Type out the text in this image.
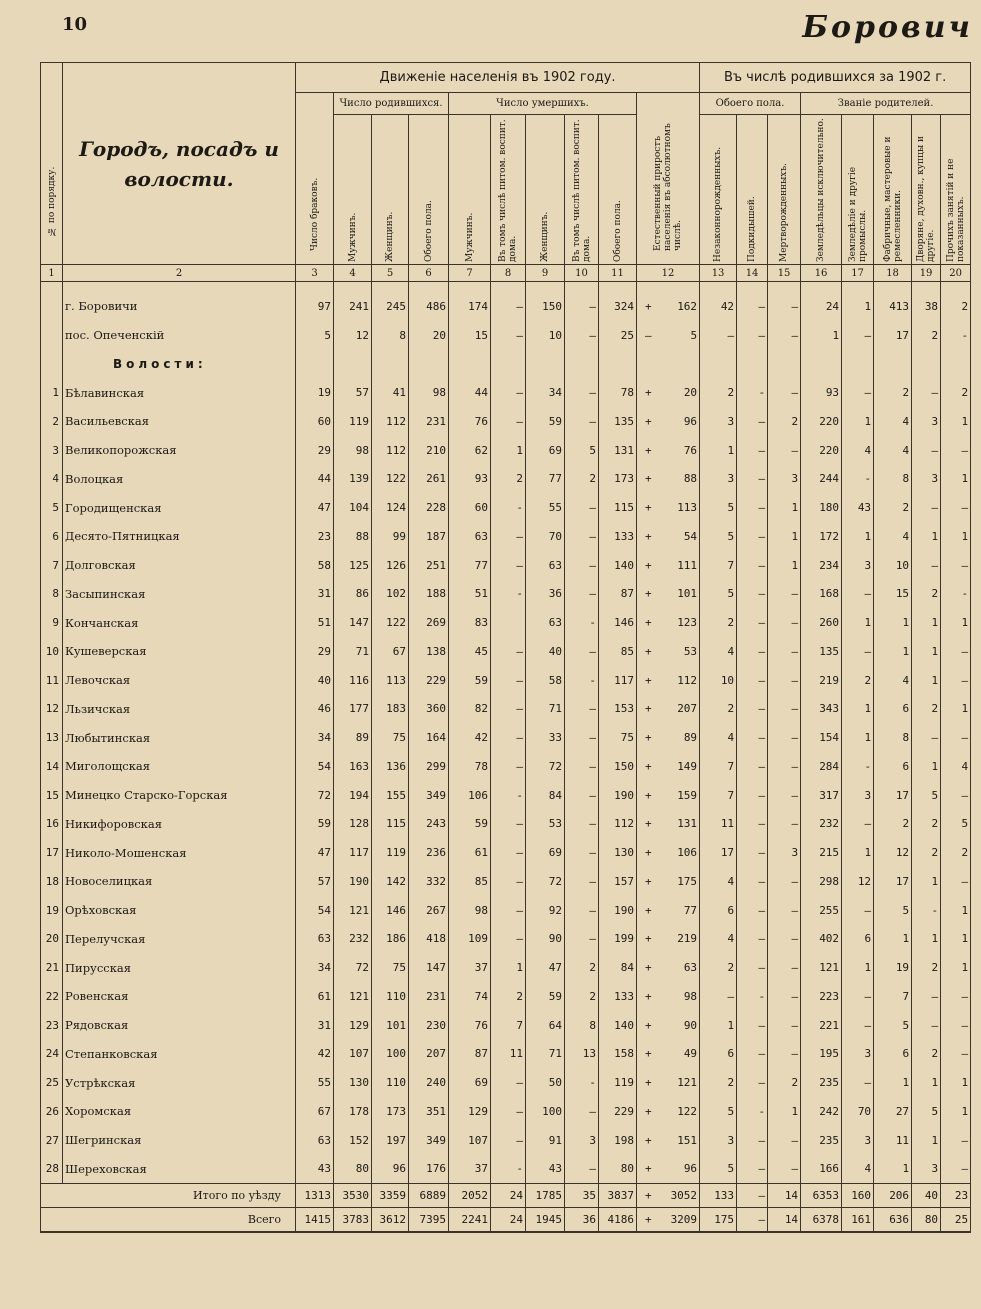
10	Борович
№ по порядку.	Городъ, посадъ и
волости.	Движеніе населенія въ 1902 году.										Въ числѣ родившихся за 1902 г.							

		Число браковъ.	Число родившихся.			Число умершихъ.					Естественный приростъ населенія въ абсолютномъ числѣ.	Обоего пола.			Званіе родителей.				

			Мужчинъ.	Женщинъ.	Обоего пола.	Мужчинъ.	Въ томъ числѣ питом. воспит. дома.	Женщинъ.	Въ томъ числѣ питом. воспит. дома.	Обоего пола.		Незаконнорожденныхъ.	Подкидышей.	Мертворожденныхъ.	Земледѣльцы исключительно.	Земледѣліе и другіе промыслы.	Фабричные, мастеровые и ремесленники.	Дворяне, духовн., купцы и другіе.	Прочихъ занятій и не показанныхъ.

1	2	3	4	5	6	7	8	9	10	11	12	13	14	15	16	17	18	19	20

	г. Боровичи	97	241	245	486	174	—	150	—	324	+ 162	42	—	—	24	1	413	38	2
	пос. Опеченскій	5	12	8	20	15	—	10	—	25	— 5	—	—	—	1	—	17	2	-
	Волости:																		
1	Бѣлавинская	19	57	41	98	44	—	34	—	78	+ 20	2	-	—	93	—	2	—	2
2	Васильевская	60	119	112	231	76	—	59	—	135	+ 96	3	—	2	220	1	4	3	1
3	Великопорожская	29	98	112	210	62	1	69	5	131	+ 76	1	—	—	220	4	4	—	—
4	Волоцкая	44	139	122	261	93	2	77	2	173	+ 88	3	—	3	244	-	8	3	1
5	Городищенская	47	104	124	228	60	-	55	—	115	+ 113	5	—	1	180	43	2	—	—
6	Десято-Пятницкая	23	88	99	187	63	—	70	—	133	+ 54	5	—	1	172	1	4	1	1
7	Долговская	58	125	126	251	77	—	63	—	140	+ 111	7	—	1	234	3	10	—	—
8	Засыпинская	31	86	102	188	51	-	36	—	87	+ 101	5	—	—	168	—	15	2	-
9	Кончанская	51	147	122	269	83		63	-	146	+ 123	2	—	—	260	1	1	1	1
10	Кушеверская	29	71	67	138	45	—	40	—	85	+ 53	4	—	—	135	—	1	1	—
11	Левочская	40	116	113	229	59	—	58	-	117	+ 112	10	—	—	219	2	4	1	—
12	Льзичская	46	177	183	360	82	—	71	—	153	+ 207	2	—	—	343	1	6	2	1
13	Любытинская	34	89	75	164	42	—	33	—	75	+ 89	4	—	—	154	1	8	—	—
14	Миголощская	54	163	136	299	78	—	72	—	150	+ 149	7	—	—	284	-	6	1	4
15	Минецко Старско-Горская	72	194	155	349	106	-	84	—	190	+ 159	7	—	—	317	3	17	5	—
16	Никифоровская	59	128	115	243	59	—	53	—	112	+ 131	11	—	—	232	—	2	2	5
17	Николо-Мошенская	47	117	119	236	61	—	69	—	130	+ 106	17	—	3	215	1	12	2	2
18	Новоселицкая	57	190	142	332	85	—	72	—	157	+ 175	4	—	—	298	12	17	1	—
19	Орѣховская	54	121	146	267	98	—	92	—	190	+ 77	6	—	—	255	—	5	-	1
20	Перелучская	63	232	186	418	109	—	90	—	199	+ 219	4	—	—	402	6	1	1	1
21	Пирусская	34	72	75	147	37	1	47	2	84	+ 63	2	—	—	121	1	19	2	1
22	Ровенская	61	121	110	231	74	2	59	2	133	+ 98	—	-	—	223	—	7	—	—
23	Рядовская	31	129	101	230	76	7	64	8	140	+ 90	1	—	—	221	—	5	—	—
24	Степанковская	42	107	100	207	87	11	71	13	158	+ 49	6	—	—	195	3	6	2	—
25	Устрѣкская	55	130	110	240	69	—	50	-	119	+ 121	2	—	2	235	—	1	1	1
26	Хоромская	67	178	173	351	129	—	100	—	229	+ 122	5	-	1	242	70	27	5	1
27	Шегринская	63	152	197	349	107	—	91	3	198	+ 151	3	—	—	235	3	11	1	—
28	Шереховская	43	80	96	176	37	-	43	—	80	+ 96	5	—	—	166	4	1	3	—
Итого по уѣзду		1313	3530	3359	6889	2052	24	1785	35	3837	+ 3052	133	—	14	6353	160	206	40	23
Всего		1415	3783	3612	7395	2241	24	1945	36	4186	+ 3209	175	—	14	6378	161	636	80	25
